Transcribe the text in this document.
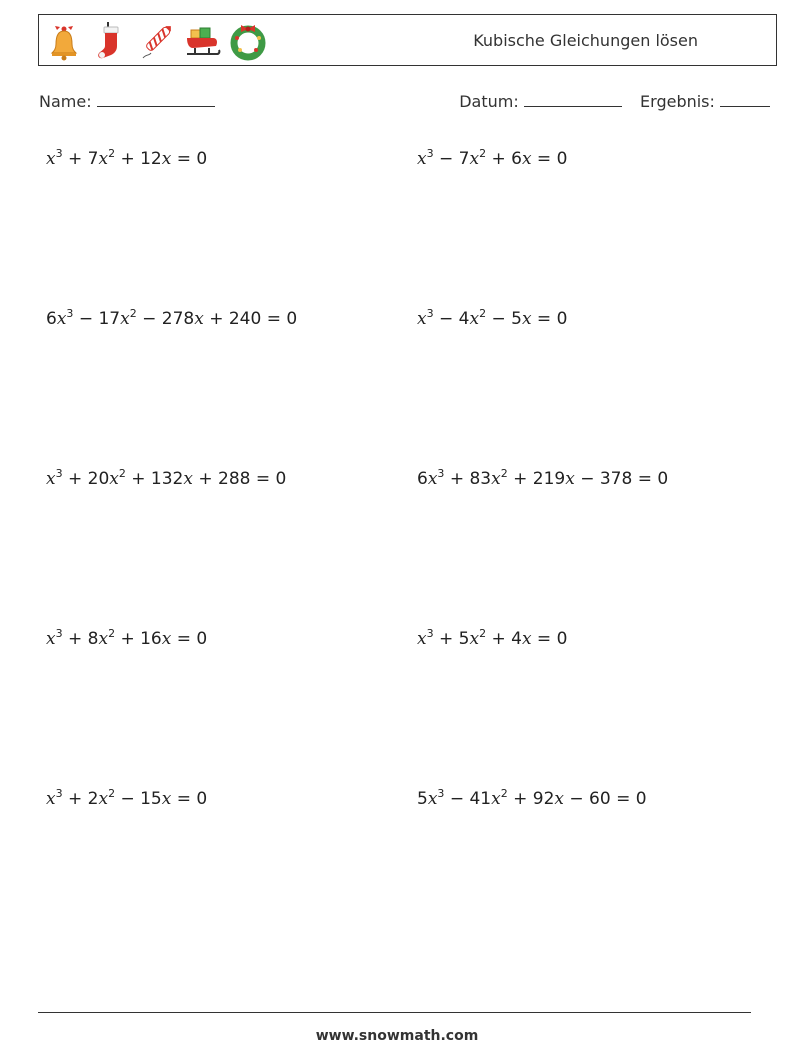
Kubische Gleichungen lösen
Name:	Datum:	Ergebnis:
$x^3 + 7x^2 + 12x = 0$	$x^3 - 7x^2 + 6x = 0$
$6x^3 - 17x^2 - 278x + 240 = 0$	$x^3 - 4x^2 - 5x = 0$
$x^3 + 20x^2 + 132x + 288 = 0$	$6x^3 + 83x^2 + 219x - 378 = 0$
$x^3 + 8x^2 + 16x = 0$	$x^3 + 5x^2 + 4x = 0$
$x^3 + 2x^2 - 15x = 0$	$5x^3 - 41x^2 + 92x - 60 = 0$
www.snowmath.com
